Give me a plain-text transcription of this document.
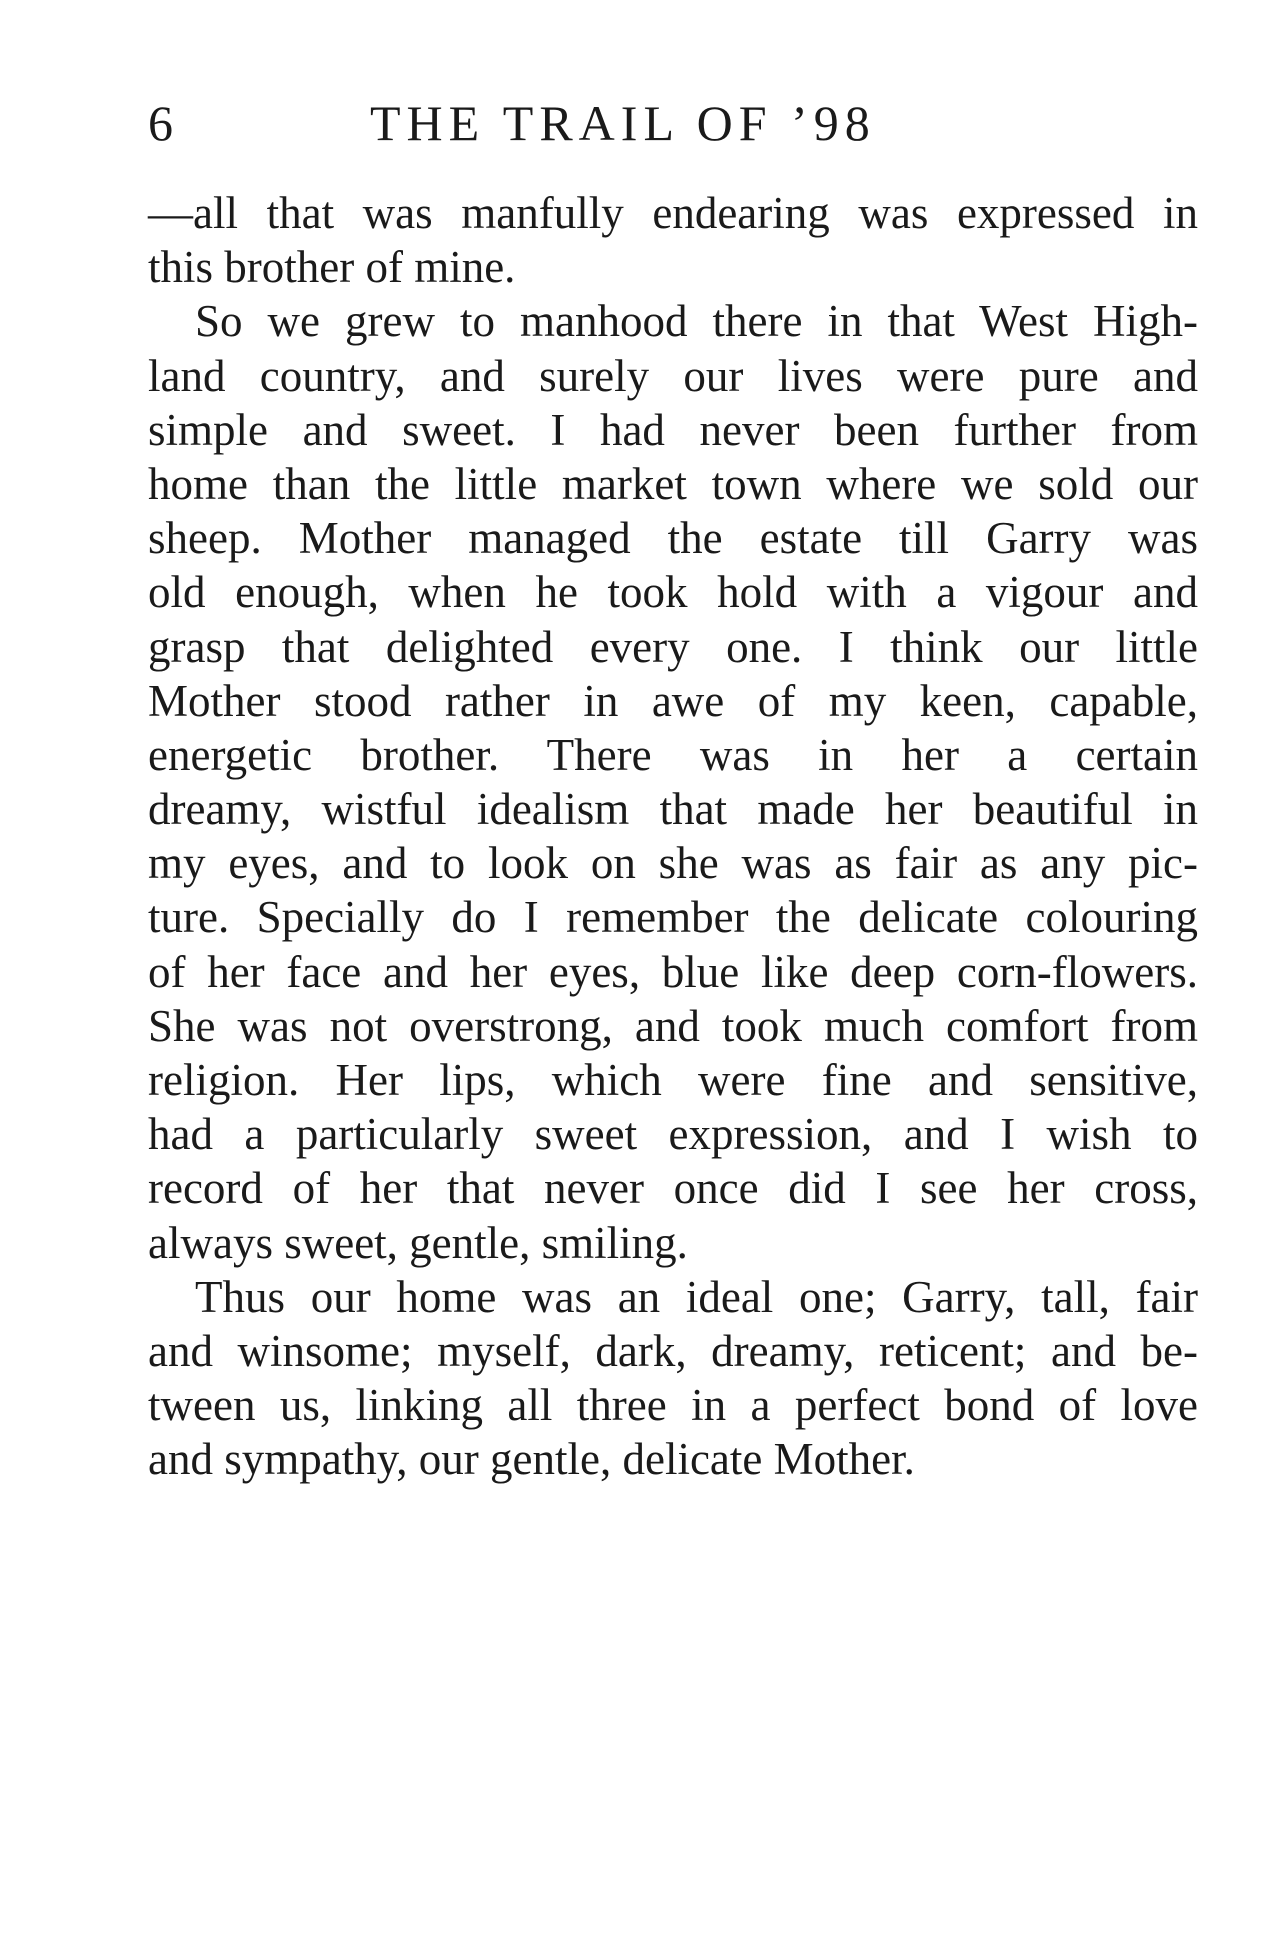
6	THE TRAIL OF ’98
—all that was manfully endearing was expressed in
this brother of mine.
So we grew to manhood there in that West High-
land country, and surely our lives were pure and
simple and sweet. I had never been further from
home than the little market town where we sold our
sheep. Mother managed the estate till Garry was
old enough, when he took hold with a vigour and
grasp that delighted every one. I think our little
Mother stood rather in awe of my keen, capable,
energetic brother. There was in her a certain
dreamy, wistful idealism that made her beautiful in
my eyes, and to look on she was as fair as any pic-
ture. Specially do I remember the delicate colouring
of her face and her eyes, blue like deep corn-flowers.
She was not overstrong, and took much comfort from
religion. Her lips, which were fine and sensitive,
had a particularly sweet expression, and I wish to
record of her that never once did I see her cross,
always sweet, gentle, smiling.
Thus our home was an ideal one; Garry, tall, fair
and winsome; myself, dark, dreamy, reticent; and be-
tween us, linking all three in a perfect bond of love
and sympathy, our gentle, delicate Mother.
